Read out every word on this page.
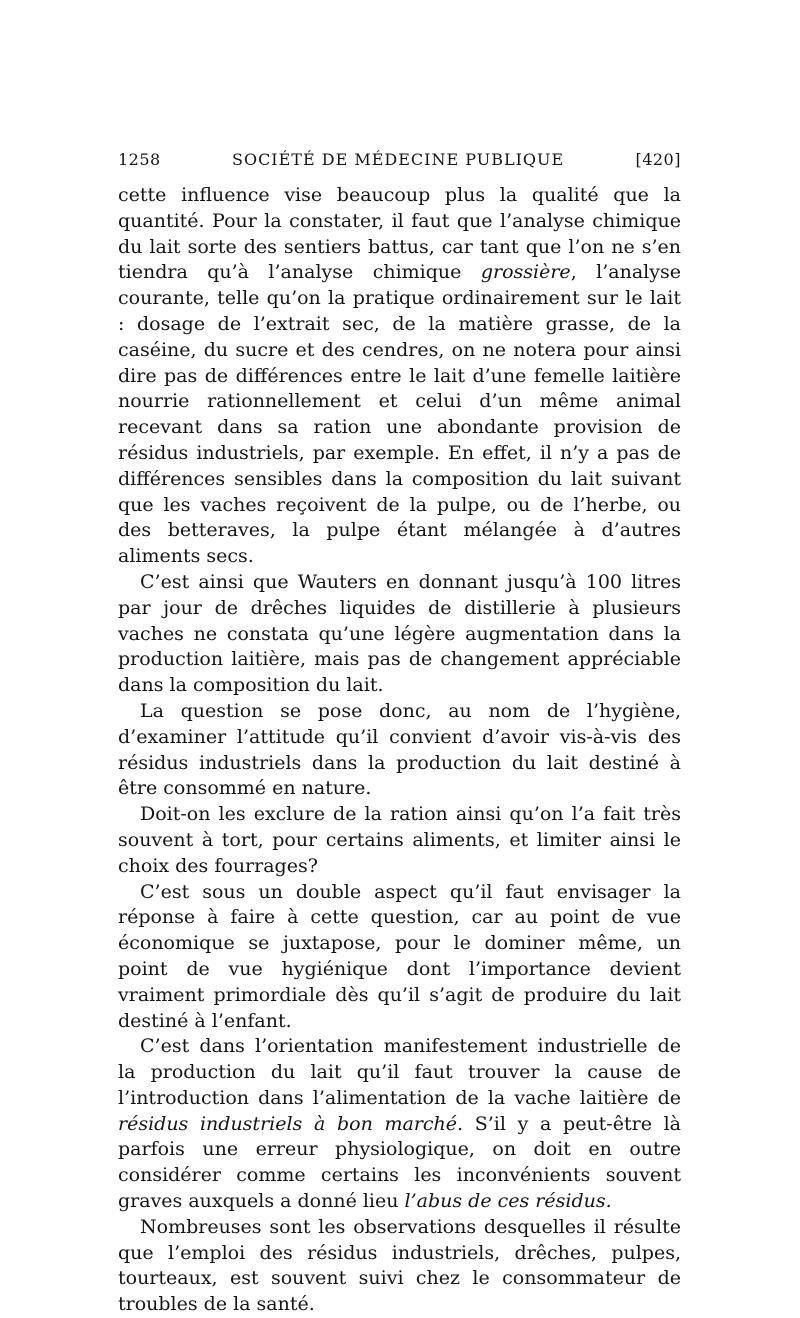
1258	SOCIÉTÉ DE MÉDECINE PUBLIQUE	[420]

cette influence vise beaucoup plus la qualité que la quantité. Pour la constater, il faut que l’analyse chimique du lait sorte des sentiers battus, car tant que l’on ne s’en tiendra qu’à l’analyse chimique grossière, l’analyse courante, telle qu’on la pratique ordinairement sur le lait : dosage de l’extrait sec, de la matière grasse, de la caséine, du sucre et des cendres, on ne notera pour ainsi dire pas de différences entre le lait d’une femelle laitière nourrie rationnellement et celui d’un même animal recevant dans sa ration une abondante provision de résidus industriels, par exemple. En effet, il n’y a pas de différences sensibles dans la composition du lait suivant que les vaches reçoivent de la pulpe, ou de l’herbe, ou des betteraves, la pulpe étant mélangée à d’autres aliments secs.

C’est ainsi que Wauters en donnant jusqu’à 100 litres par jour de drêches liquides de distillerie à plusieurs vaches ne constata qu’une légère augmentation dans la production laitière, mais pas de changement appréciable dans la composition du lait.

La question se pose donc, au nom de l’hygiène, d’examiner l’attitude qu’il convient d’avoir vis-à-vis des résidus industriels dans la production du lait destiné à être consommé en nature.

Doit-on les exclure de la ration ainsi qu’on l’a fait très souvent à tort, pour certains aliments, et limiter ainsi le choix des fourrages?

C’est sous un double aspect qu’il faut envisager la réponse à faire à cette question, car au point de vue économique se juxtapose, pour le dominer même, un point de vue hygiénique dont l’importance devient vraiment primordiale dès qu’il s’agit de produire du lait destiné à l’enfant.

C’est dans l’orientation manifestement industrielle de la production du lait qu’il faut trouver la cause de l’introduction dans l’alimentation de la vache laitière de résidus industriels à bon marché. S’il y a peut-être là parfois une erreur physiologique, on doit en outre considérer comme certains les inconvénients souvent graves auxquels a donné lieu l’abus de ces résidus.

Nombreuses sont les observations desquelles il résulte que l’emploi des résidus industriels, drêches, pulpes, tourteaux, est souvent suivi chez le consommateur de troubles de la santé.
